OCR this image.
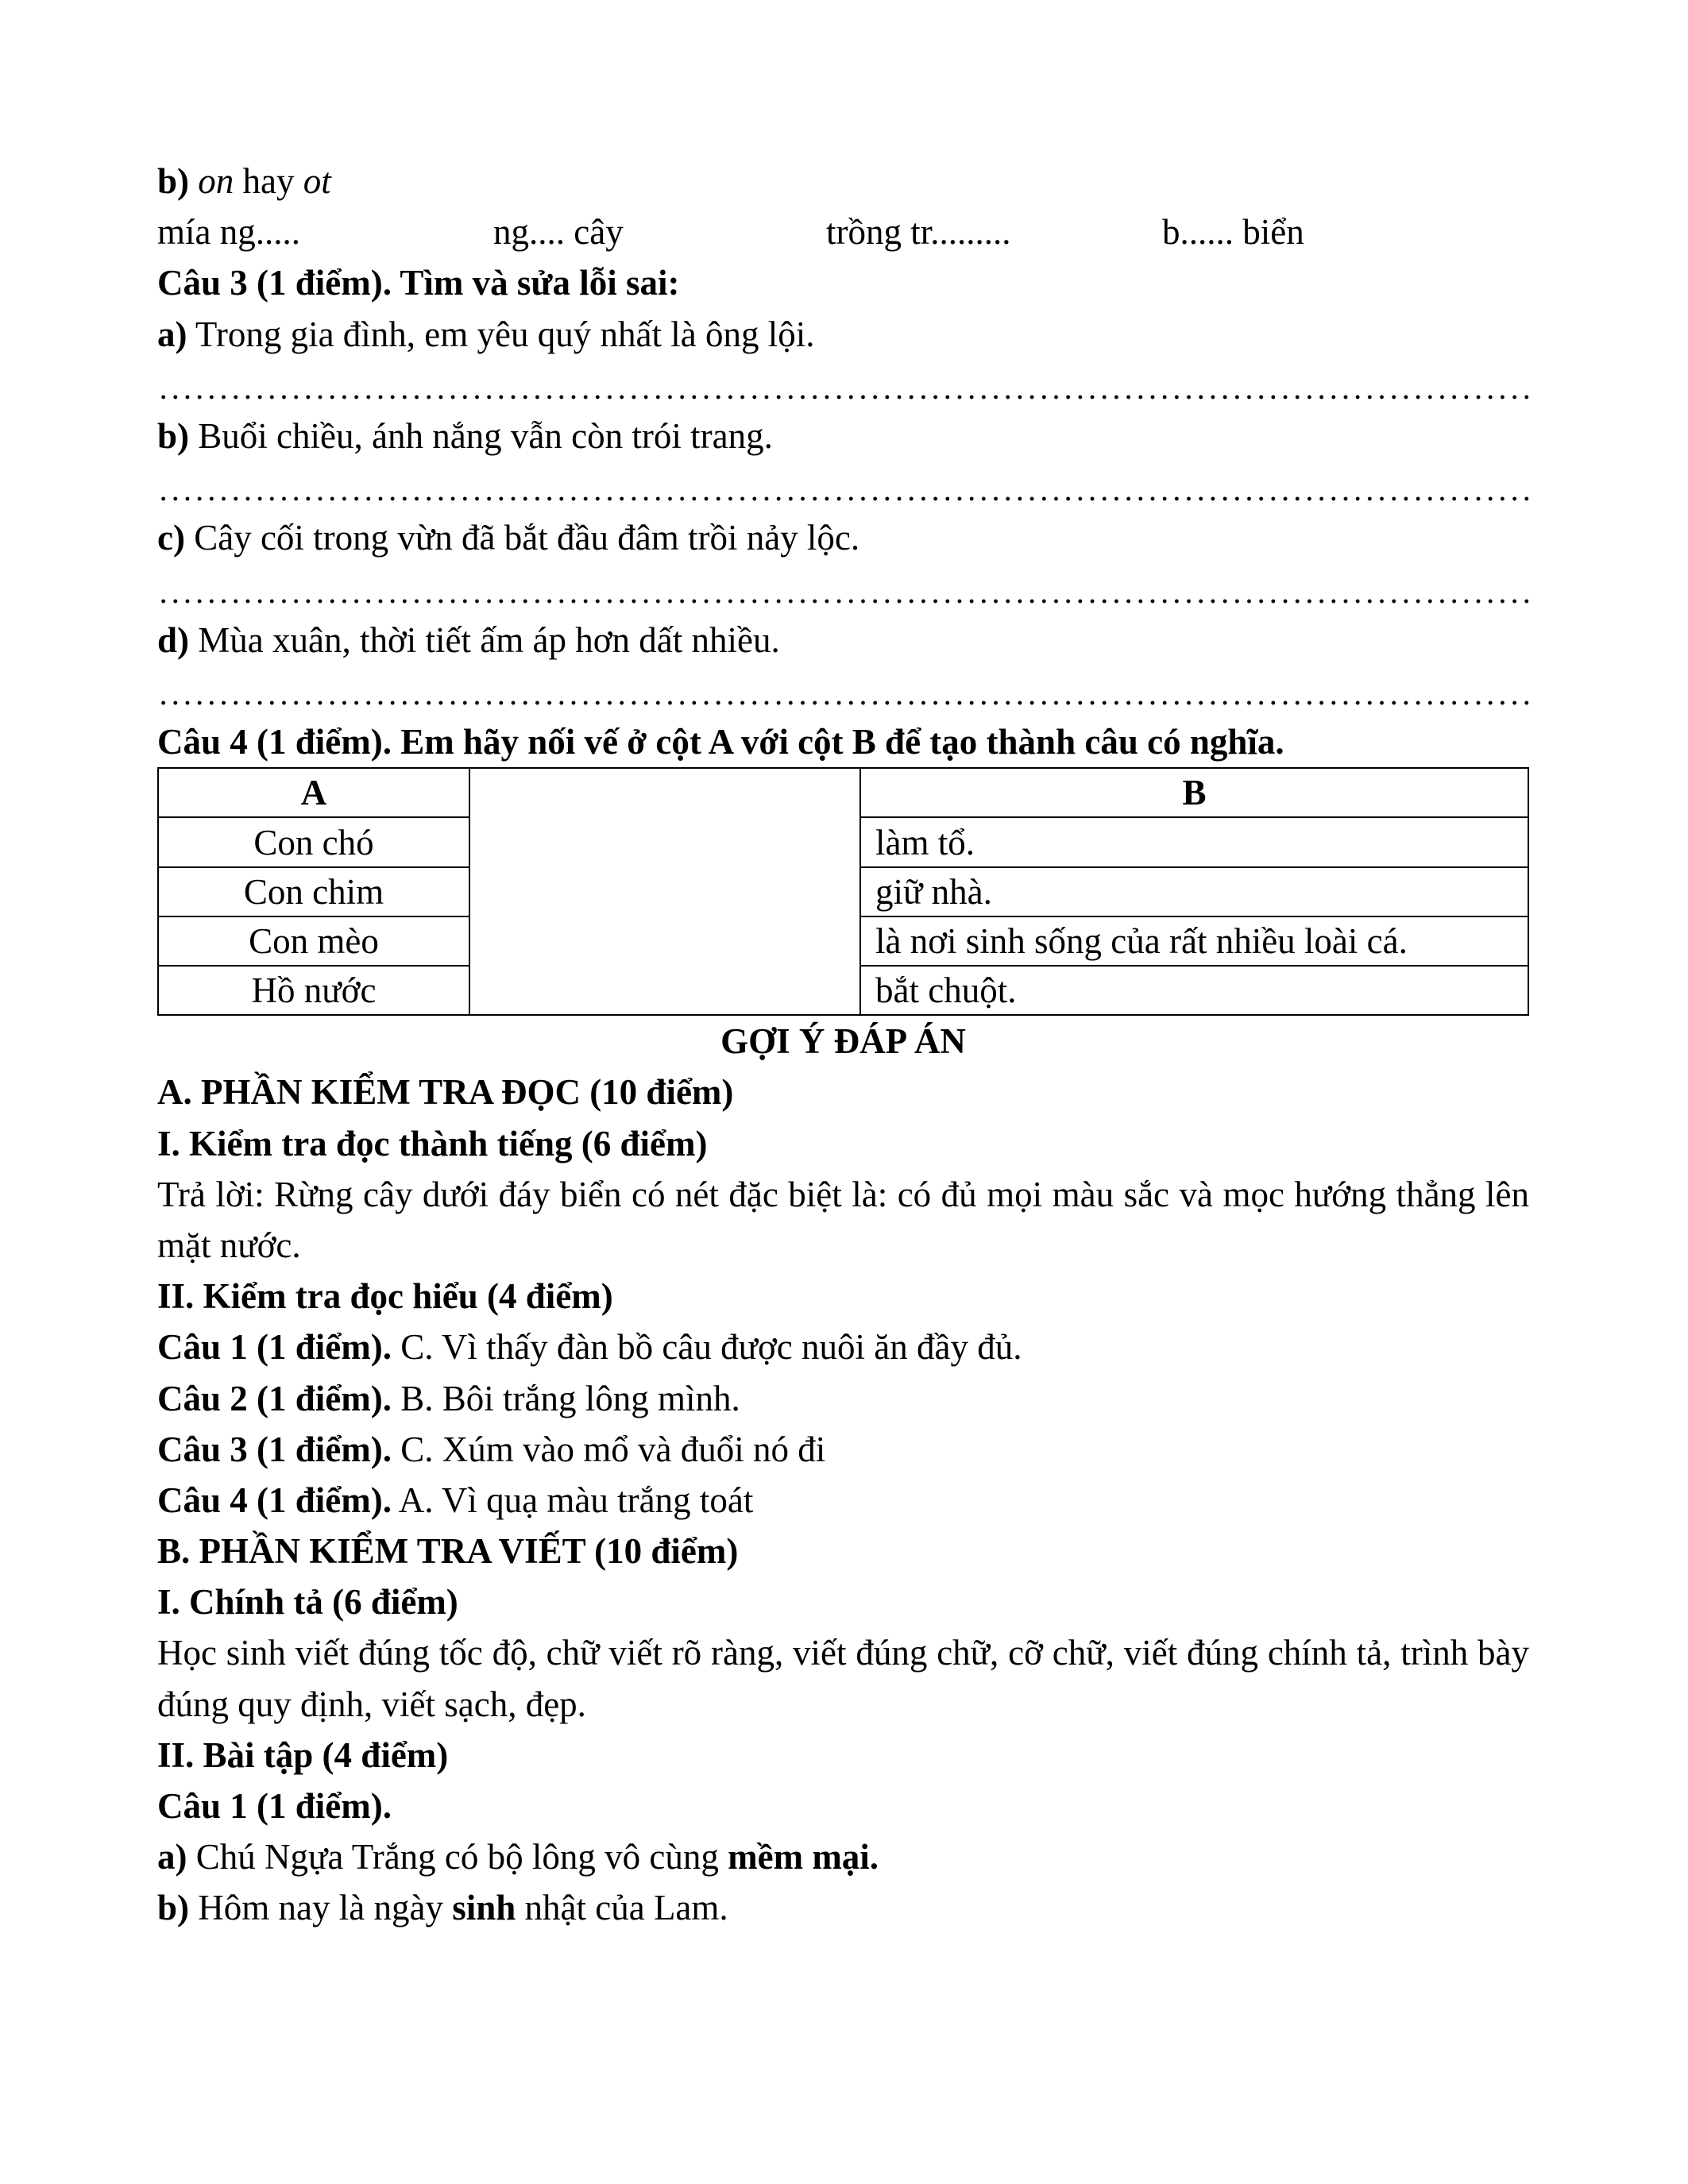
b) on hay ot
mía ng.....	ng.... cây	trồng tr.........	b...... biển
Câu 3 (1 điểm). Tìm và sửa lỗi sai:
a) Trong gia đình, em yêu quý nhất là ông lội.
b) Buổi chiều, ánh nắng vẫn còn trói trang.
c) Cây cối trong vừn đã bắt đầu đâm trồi nảy lộc.
d) Mùa xuân, thời tiết ấm áp hơn dất nhiều.
Câu 4 (1 điểm). Em hãy nối vế ở cột A với cột B để tạo thành câu có nghĩa.
A		B
Con chó		làm tổ.
Con chim		giữ nhà.
Con mèo		là nơi sinh sống của rất nhiều loài cá.
Hồ nước		bắt chuột.
GỢI Ý ĐÁP ÁN
A. PHẦN KIỂM TRA ĐỌC (10 điểm)
I. Kiểm tra đọc thành tiếng (6 điểm)
Trả lời: Rừng cây dưới đáy biển có nét đặc biệt là: có đủ mọi màu sắc và mọc hướng thẳng lên mặt nước.
II. Kiểm tra đọc hiểu (4 điểm)
Câu 1 (1 điểm). C. Vì thấy đàn bồ câu được nuôi ăn đầy đủ.
Câu 2 (1 điểm). B. Bôi trắng lông mình.
Câu 3 (1 điểm). C. Xúm vào mổ và đuổi nó đi
Câu 4 (1 điểm). A. Vì quạ màu trắng toát
B. PHẦN KIỂM TRA VIẾT (10 điểm)
I. Chính tả (6 điểm)
Học sinh viết đúng tốc độ, chữ viết rõ ràng, viết đúng chữ, cỡ chữ, viết đúng chính tả, trình bày đúng quy định, viết sạch, đẹp.
II. Bài tập (4 điểm)
Câu 1 (1 điểm).
a) Chú Ngựa Trắng có bộ lông vô cùng mềm mại.
b) Hôm nay là ngày sinh nhật của Lam.
